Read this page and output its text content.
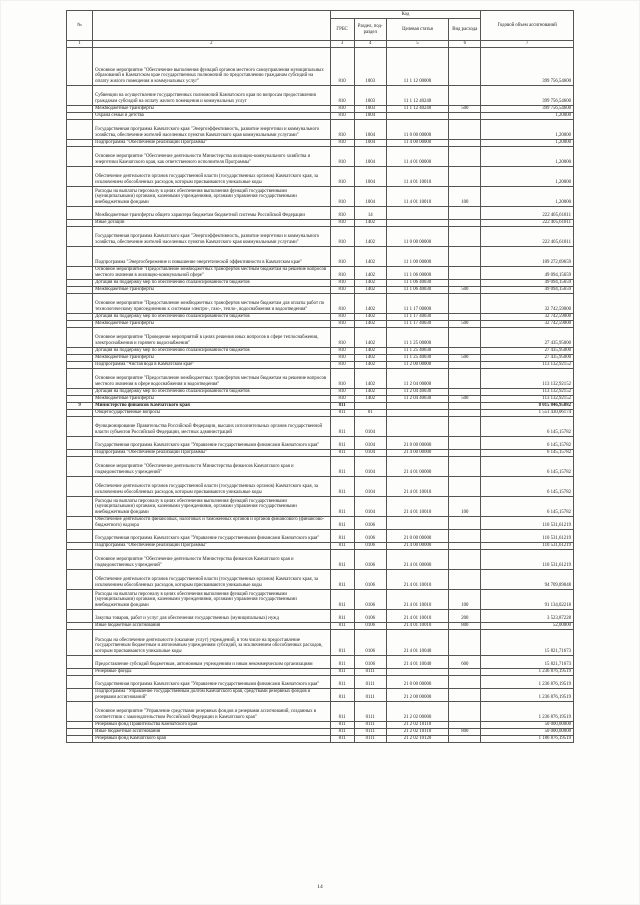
№		Код				Годовой объем ассигнований
		ГРБС	Раздел, под-раздел	Целевая статья	Вид расхода	
1	2	3	4	5	6	7
	Основное мероприятие "Обеспечение выполнения функций органов местного самоуправления муниципальных образований в Камчатском крае государственных полномочий по предоставлению гражданам субсидий на оплату жилого помещения и коммунальных услуг"	810	1003	11 1 12 00000		399 756,54600
	Субвенции на осуществление государственных полномочий Камчатского края по вопросам предоставления гражданам субсидий на оплату жилого помещения и коммунальных услуг	810	1003	11 1 12 40240		399 756,54600
	Межбюджетные трансферты	810	1003	11 1 12 40240	500	399 756,54600
	Охрана семьи и детства	810	1004			1,20000
	Государственная программа Камчатского края "Энергоэффективность, развитие энергетики и коммунального хозяйства, обеспечение жителей населенных пунктов Камчатского края коммунальными услугами"	810	1004	11 0 00 00000		1,20000
	Подпрограмма "Обеспечение реализации Программы"	810	1004	11 4 00 00000		1,20000
	Основное мероприятие "Обеспечение деятельности Министерства жилищно-коммунального хозяйства и энергетики Камчатского края, как ответственного исполнителя Программы"	810	1004	11 4 01 00000		1,20000
	Обеспечение деятельности органов государственной власти (государственных органов) Камчатского края, за исключением обособленных расходов, которым присваиваются уникальные коды	810	1004	11 4 01 10010		1,20000
	Расходы на выплаты персоналу в целях обеспечения выполнения функций государственными (муниципальными) органами, казенными учреждениями, органами управления государственными внебюджетными фондами	810	1004	11 4 01 10010	100	1,20000
	Межбюджетные трансферты общего характера бюджетам бюджетной системы Российской Федерации	810	14			222 405,61811
	Иные дотации	810	1402			222 405,61811
	Государственная программа Камчатского края "Энергоэффективность, развитие энергетики и коммунального хозяйства, обеспечение жителей населенных пунктов Камчатского края коммунальными услугами"	810	1402	11 0 00 00000		222 405,61811
	Подпрограмма "Энергосбережение и повышение энергетической эффективности в Камчатском крае"	810	1402	11 1 00 00000		109 272,69659
	Основное мероприятие "Предоставление межбюджетных трансфертов местным бюджетам на решение вопросов местного значения в жилищно-коммунальной сфере"	810	1402	11 1 06 00000		49 094,15659
	Дотация на поддержку мер по обеспечению сбалансированности бюджетов	810	1402	11 1 06 40030		49 094,15659
	Межбюджетные трансферты	810	1402	11 1 06 40030	500	49 094,15659
	Основное мероприятие "Предоставление межбюджетных трансфертов местным бюджетам для оплаты работ по технологическому присоединению к системам электро-, газо-, тепло-, водоснабжения и водоотведения"	810	1402	11 1 17 00000		32 742,59000
	Дотация на поддержку мер по обеспечению сбалансированности бюджетов	810	1402	11 1 17 40030		32 742,59000
	Межбюджетные трансферты	810	1402	11 1 17 40030	500	32 742,59000
	Основное мероприятие "Проведение мероприятий в целях решения иных вопросов в сфере теплоснабжения, электроснабжения и горячего водоснабжения"	810	1402	11 1 25 00000		27 435,95000
	Дотация на поддержку мер по обеспечению сбалансированности бюджетов	810	1402	11 1 25 40030		27 435,95000
	Межбюджетные трансферты	810	1402	11 1 25 40030	500	27 435,95000
	Подпрограмма "Чистая вода в Камчатском крае"	810	1402	11 2 00 00000		113 132,92152
	Основное мероприятие "Предоставление межбюджетных трансфертов местным бюджетам на решение вопросов местного значения в сфере водоснабжения и водоотведения"	810	1402	11 2 04 00000		113 132,92152
	Дотация на поддержку мер по обеспечению сбалансированности бюджетов	810	1402	11 2 04 40030		113 132,92152
	Межбюджетные трансферты	810	1402	11 2 04 40030	500	113 132,92152
9	Министерство финансов Камчатского края	811				8 015 846,95882
	Общегосударственные вопросы	811	01			1 551 430,06174
	Функционирование Правительства Российской Федерации, высших исполнительных органов государственной власти субъектов Российской Федерации, местных администраций	811	0104			6 145,15782
	Государственная программа Камчатского края "Управление государственными финансами Камчатского края"	811	0104	21 0 00 00000		6 145,15782
	Подпрограмма "Обеспечение реализации Программы"	811	0104	21 4 00 00000		6 145,15782
	Основное мероприятие "Обеспечение деятельности Министерства финансов Камчатского края и подведомственных учреждений"	811	0104	21 4 01 00000		6 145,15782
	Обеспечение деятельности органов государственной власти (государственных органов) Камчатского края, за исключением обособленных расходов, которым присваиваются уникальные коды	811	0104	21 4 01 10010		6 145,15782
	Расходы на выплаты персоналу в целях обеспечения выполнения функций государственными (муниципальными) органами, казенными учреждениями, органами управления государственными внебюджетными фондами	811	0104	21 4 01 10010	100	6 145,15782
	Обеспечение деятельности финансовых, налоговых и таможенных органов и органов финансового (финансово-бюджетного) надзора	811	0106			110 531,61219
	Государственная программа Камчатского края "Управление государственными финансами Камчатского края"	811	0106	21 0 00 00000		110 531,61219
	Подпрограмма "Обеспечение реализации Программы"	811	0106	21 4 00 00000		110 531,61219
	Основное мероприятие "Обеспечение деятельности Министерства финансов Камчатского края и подведомственных учреждений"	811	0106	21 4 01 00000		110 531,61219
	Обеспечение деятельности органов государственной власти (государственных органов) Камчатского края, за исключением обособленных расходов, которым присваиваются уникальные коды	811	0106	21 4 01 10010		94 709,89048
	Расходы на выплаты персоналу в целях обеспечения выполнения функций государственными (муниципальными) органами, казенными учреждениями, органами управления государственными внебюджетными фондами	811	0106	21 4 01 10010	100	91 134,02218
	Закупка товаров, работ и услуг для обеспечения государственных (муниципальных) нужд	811	0106	21 4 01 10010	200	3 523,87228
	Иные бюджетные ассигнования	811	0106	21 4 01 10010	800	52,00000
	Расходы на обеспечение деятельности (оказание услуг) учреждений, в том числе на предоставление государственным бюджетным и автономным учреждениям субсидий, за исключением обособленных расходов, которым присваиваются уникальные коды	811	0106	21 4 01 10040		15 821,71673
	Предоставление субсидий бюджетным, автономным учреждениям и иным некоммерческим организациям	811	0106	21 4 01 10040	600	15 821,71673
	Резервные фонды	811	0111			1 236 876,19519
	Государственная программа Камчатского края "Управление государственными финансами Камчатского края"	811	0111	21 0 00 00000		1 236 876,19519
	Подпрограмма "Управление государственным долгом Камчатского края, средствами резервных фондов и резервами ассигнований"	811	0111	21 2 00 00000		1 236 876,19519
	Основное мероприятие "Управление средствами резервных фондов и резервами ассигнований, созданных в соответствии с законодательством Российской Федерации и Камчатского края"	811	0111	21 2 02 00000		1 236 876,19519
	Резервный фонд Правительства Камчатского края	811	0111	21 2 02 10110		50 000,00000
	Иные бюджетные ассигнования	811	0111	21 2 02 10110	800	50 000,00000
	Резервный фонд Камчатского края	811	0111	21 2 02 10120		1 186 876,19519
14
